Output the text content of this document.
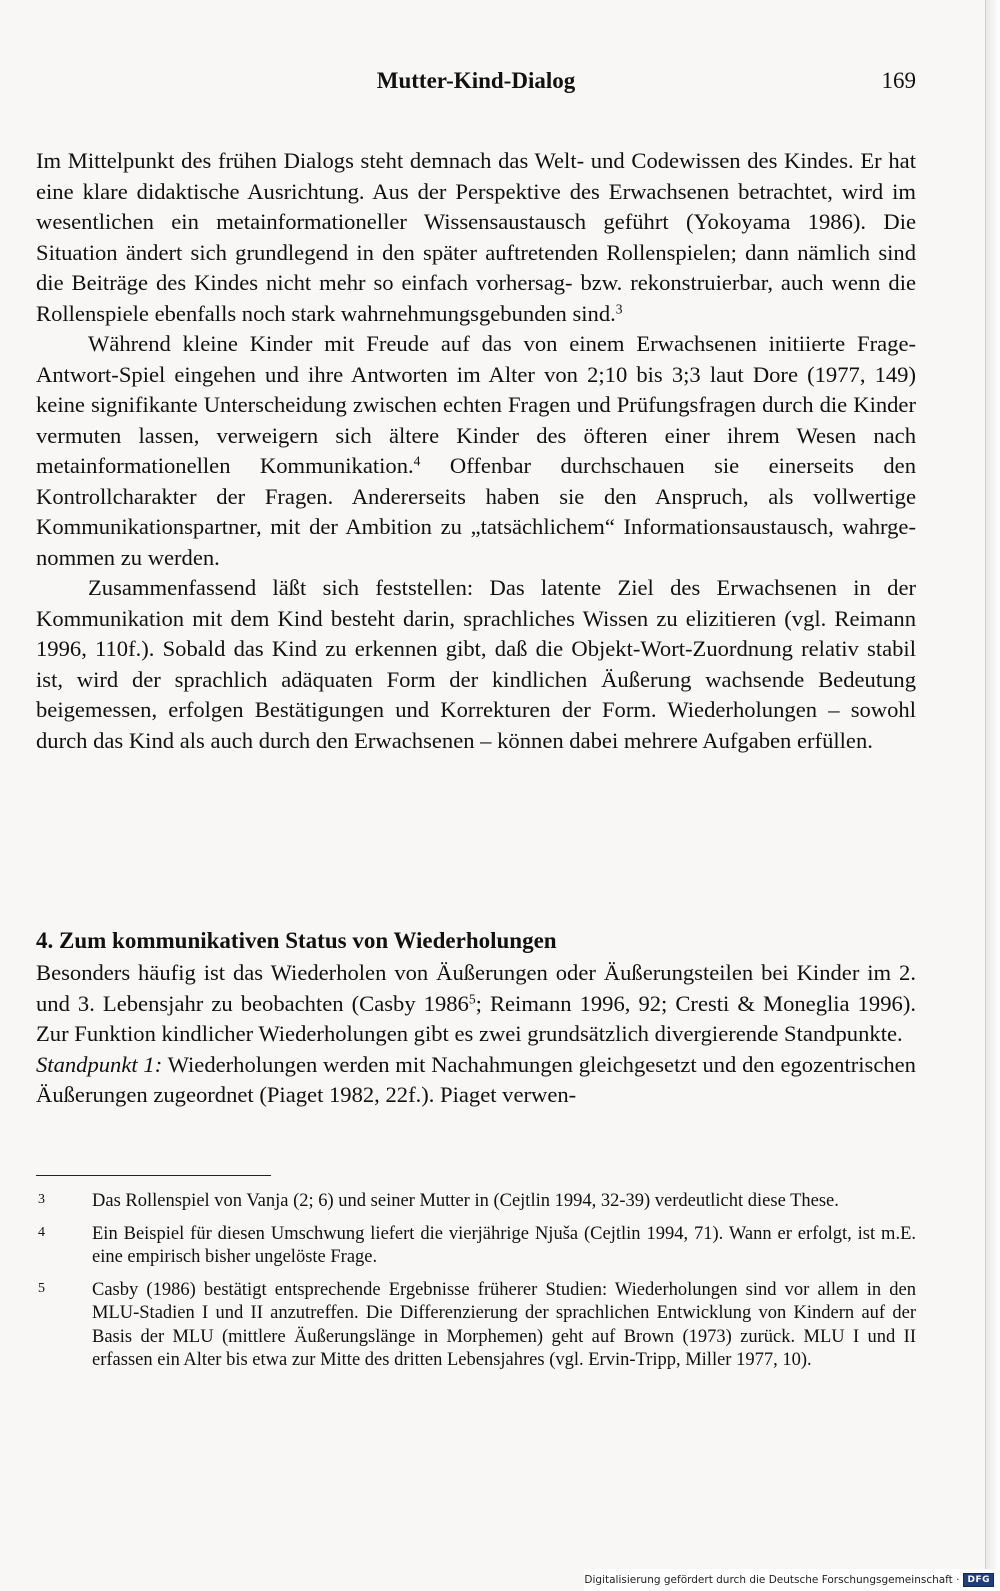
Mutter-Kind-Dialog	169

Im Mittelpunkt des frühen Dialogs steht demnach das Welt- und Codewissen des Kindes. Er hat eine klare didaktische Ausrichtung. Aus der Perspektive des Erwachsenen betrachtet, wird im wesentlichen ein metainformationeller Wissensaustausch geführt (Yokoyama 1986). Die Situation ändert sich grundlegend in den später auftretenden Rollenspielen; dann nämlich sind die Beiträge des Kindes nicht mehr so einfach vorhersag- bzw. rekonstruierbar, auch wenn die Rollenspiele ebenfalls noch stark wahrnehmungsgebunden sind.$^3$

Während kleine Kinder mit Freude auf das von einem Erwachsenen initiierte Frage-Antwort-Spiel eingehen und ihre Antworten im Alter von 2;10 bis 3;3 laut Dore (1977, 149) keine signifikante Unterscheidung zwischen echten Fragen und Prüfungsfragen durch die Kinder vermuten lassen, verweigern sich ältere Kinder des öfteren einer ihrem Wesen nach metainformationellen Kommunikation.$^4$ Offenbar durchschauen sie einerseits den Kontrollcharakter der Fragen. Andererseits haben sie den Anspruch, als vollwertige Kommunikationspartner, mit der Ambition zu „tatsächlichem“ Informationsaustausch, wahrgenommen zu werden.

Zusammenfassend läßt sich feststellen: Das latente Ziel des Erwachsenen in der Kommunikation mit dem Kind besteht darin, sprachliches Wissen zu elizitieren (vgl. Reimann 1996, 110f.). Sobald das Kind zu erkennen gibt, daß die Objekt-Wort-Zuordnung relativ stabil ist, wird der sprachlich adäquaten Form der kindlichen Äußerung wachsende Bedeutung beigemessen, erfolgen Bestätigungen und Korrekturen der Form. Wiederholungen – sowohl durch das Kind als auch durch den Erwachsenen – können dabei mehrere Aufgaben erfüllen.

4. Zum kommunikativen Status von Wiederholungen

Besonders häufig ist das Wiederholen von Äußerungen oder Äußerungsteilen bei Kinder im 2. und 3. Lebensjahr zu beobachten (Casby 1986$^5$; Reimann 1996, 92; Cresti & Moneglia 1996). Zur Funktion kindlicher Wiederholungen gibt es zwei grundsätzlich divergierende Standpunkte.

Standpunkt 1: Wiederholungen werden mit Nachahmungen gleichgesetzt und den egozentrischen Äußerungen zugeordnet (Piaget 1982, 22f.). Piaget verwen-

3	Das Rollenspiel von Vanja (2; 6) und seiner Mutter in (Cejtlin 1994, 32-39) verdeutlicht diese These.
4	Ein Beispiel für diesen Umschwung liefert die vierjährige Njuša (Cejtlin 1994, 71). Wann er erfolgt, ist m.E. eine empirisch bisher ungelöste Frage.
5	Casby (1986) bestätigt entsprechende Ergebnisse früherer Studien: Wiederholungen sind vor allem in den MLU-Stadien I und II anzutreffen. Die Differenzierung der sprachlichen Entwicklung von Kindern auf der Basis der MLU (mittlere Äußerungslänge in Morphemen) geht auf Brown (1973) zurück. MLU I und II erfassen ein Alter bis etwa zur Mitte des dritten Lebensjahres (vgl. Ervin-Tripp, Miller 1977, 10).
Digitalisierung gefördert durch die Deutsche Forschungsgemeinschaft · DFG
